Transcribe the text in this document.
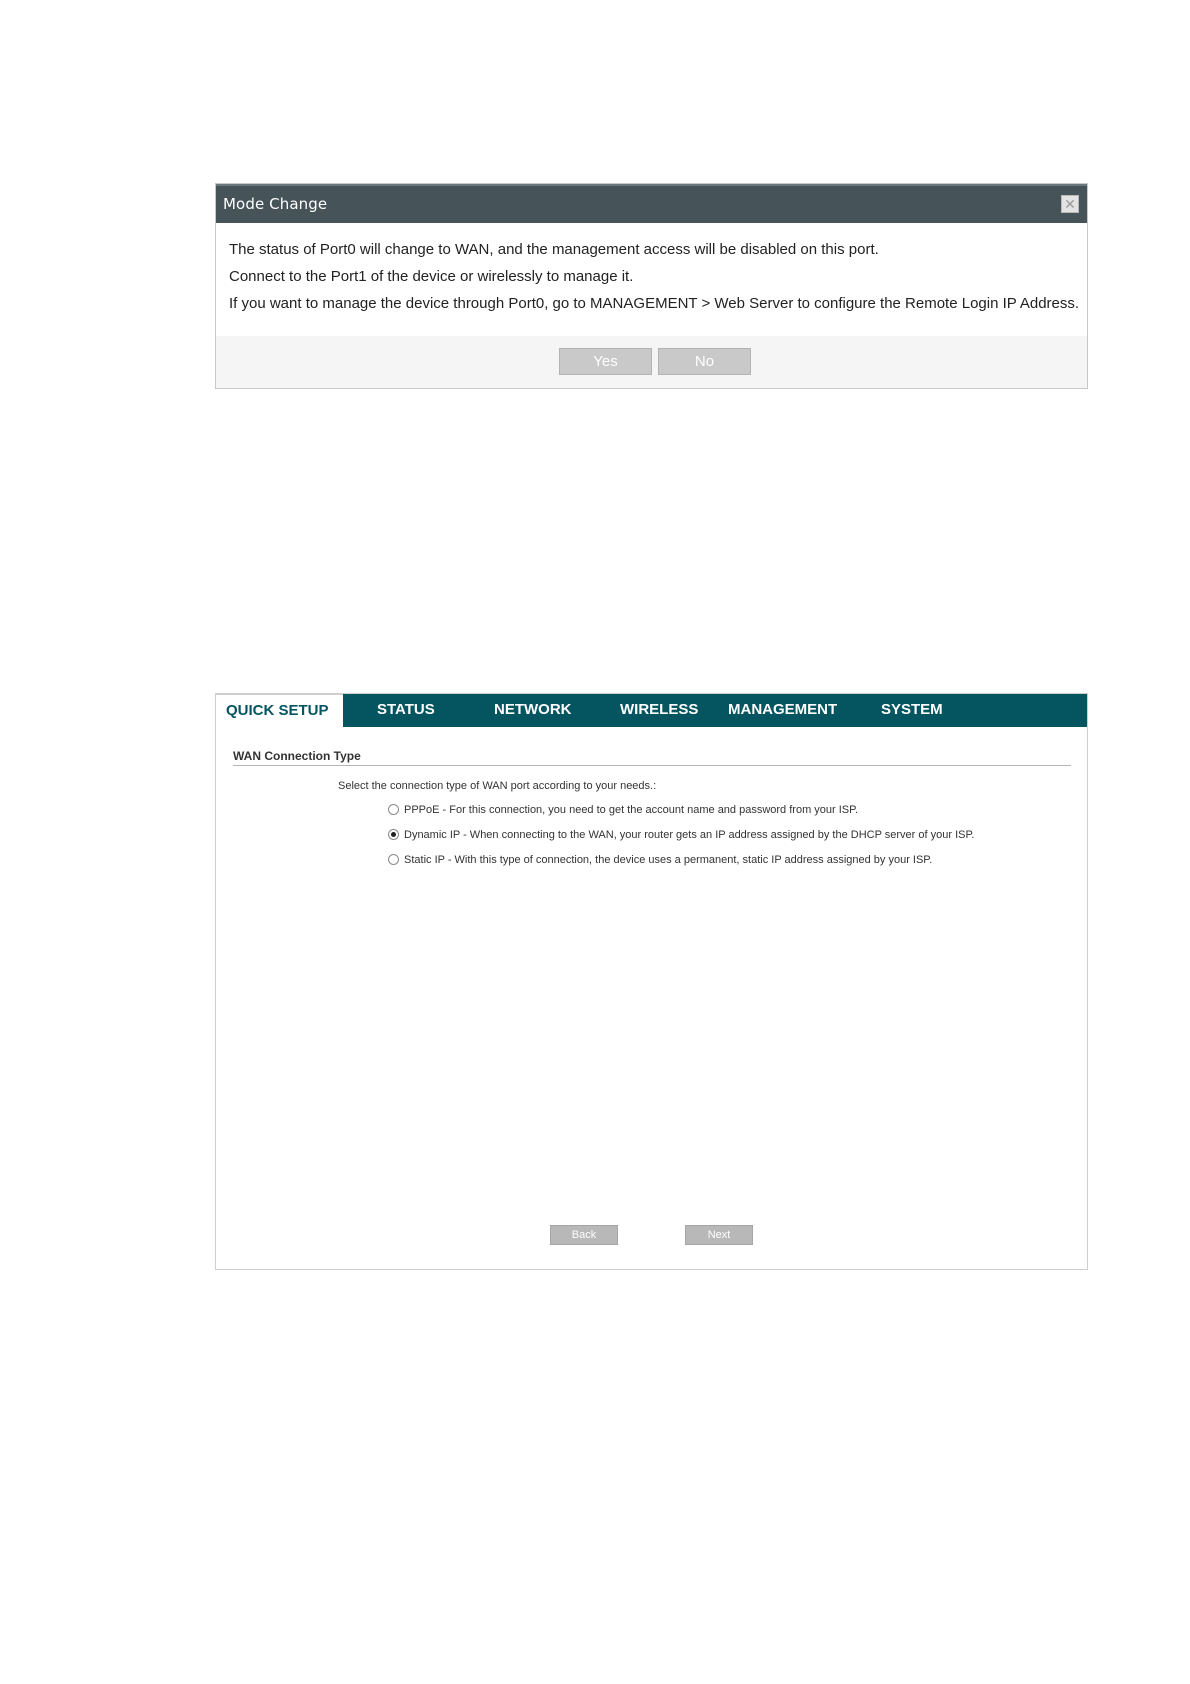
Mode Change	✕

The status of Port0 will change to WAN, and the management access will be disabled on this port.

Connect to the Port1 of the device or wirelessly to manage it.

If you want to manage the device through Port0, go to MANAGEMENT > Web Server to configure the Remote Login IP Address.

Yes	No
QUICK SETUP	STATUS	NETWORK	WIRELESS MANAGEMENT	SYSTEM
WAN Connection Type
Select the connection type of WAN port according to your needs.:
PPPoE - For this connection, you need to get the account name and password from your ISP.
Dynamic IP - When connecting to the WAN, your router gets an IP address assigned by the DHCP server of your ISP.
Static IP - With this type of connection, the device uses a permanent, static IP address assigned by your ISP.
Back	Next
